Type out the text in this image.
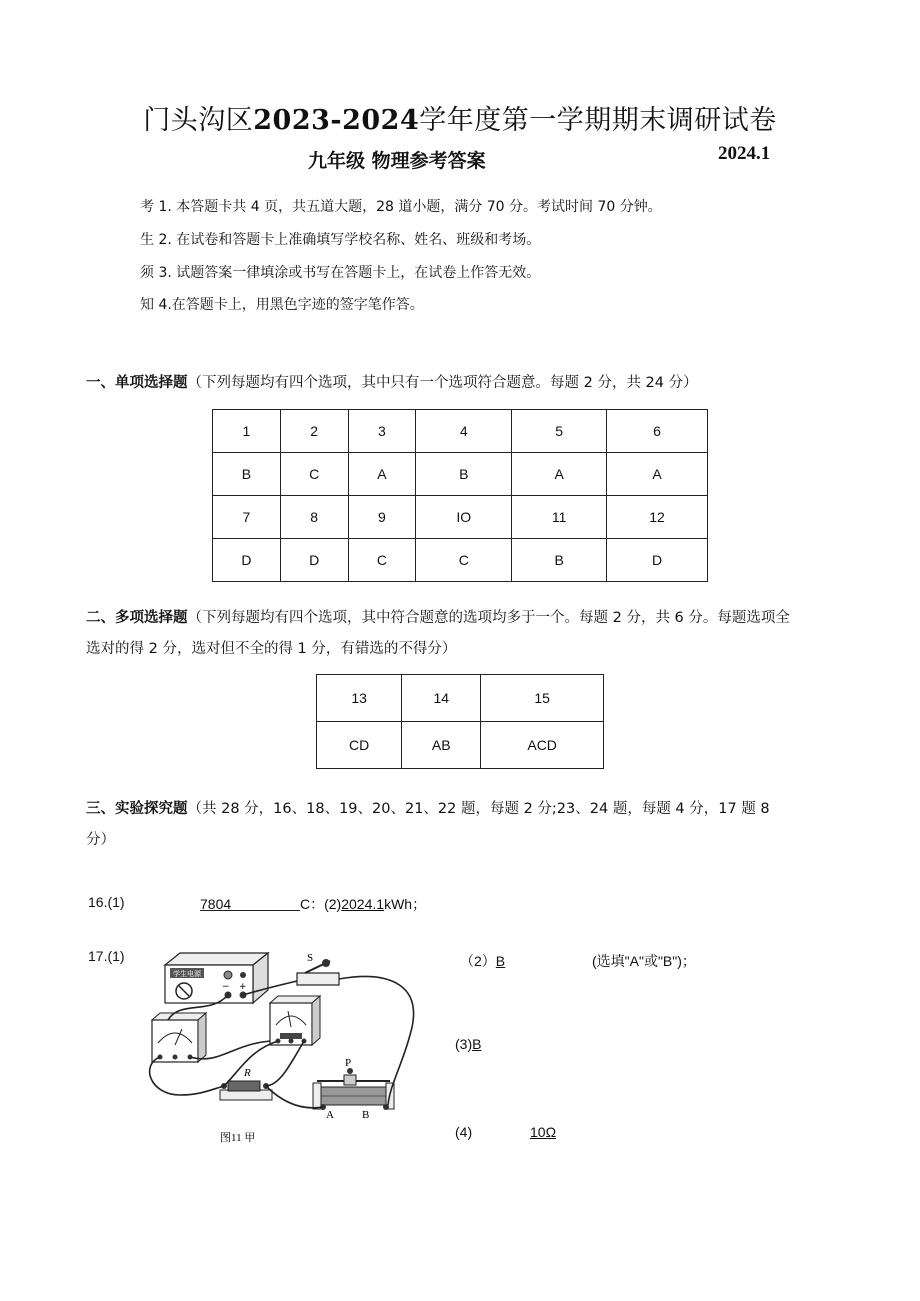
门头沟区2023-2024学年度第一学期期末调研试卷
九年级 物理参考答案	2024.1
考 1. 本答题卡共 4 页，共五道大题，28 道小题，满分 70 分。考试时间 70 分钟。
生 2. 在试卷和答题卡上准确填写学校名称、姓名、班级和考场。
须 3. 试题答案一律填涂或书写在答题卡上，在试卷上作答无效。
知 4.在答题卡上，用黑色字迹的签字笔作答。
一、单项选择题（下列每题均有四个选项，其中只有一个选项符合题意。每题 2 分，共 24 分）
1	2	3	4	5	6
B	C	A	B	A	A
7	8	9	IO	11	12
D	D	C	C	B	D
二、多项选择题（下列每题均有四个选项，其中符合题意的选项均多于一个。每题 2 分，共 6 分。每题选项全
选对的得 2 分，选对但不全的得 1 分，有错选的不得分）
13	14	15
CD	AB	ACD
三、实验探究题（共 28 分，16、18、19、20、21、22 题，每题 2 分;23、24 题，每题 4 分，17 题 8
分）
16.(1)	7804	C：(2)2024.1kWh；
17.(1)
学生电源
− +
S
R
P
A	B
图11 甲
（2）B	(选填"A"或"B")；
(3)B
(4)	10Ω
